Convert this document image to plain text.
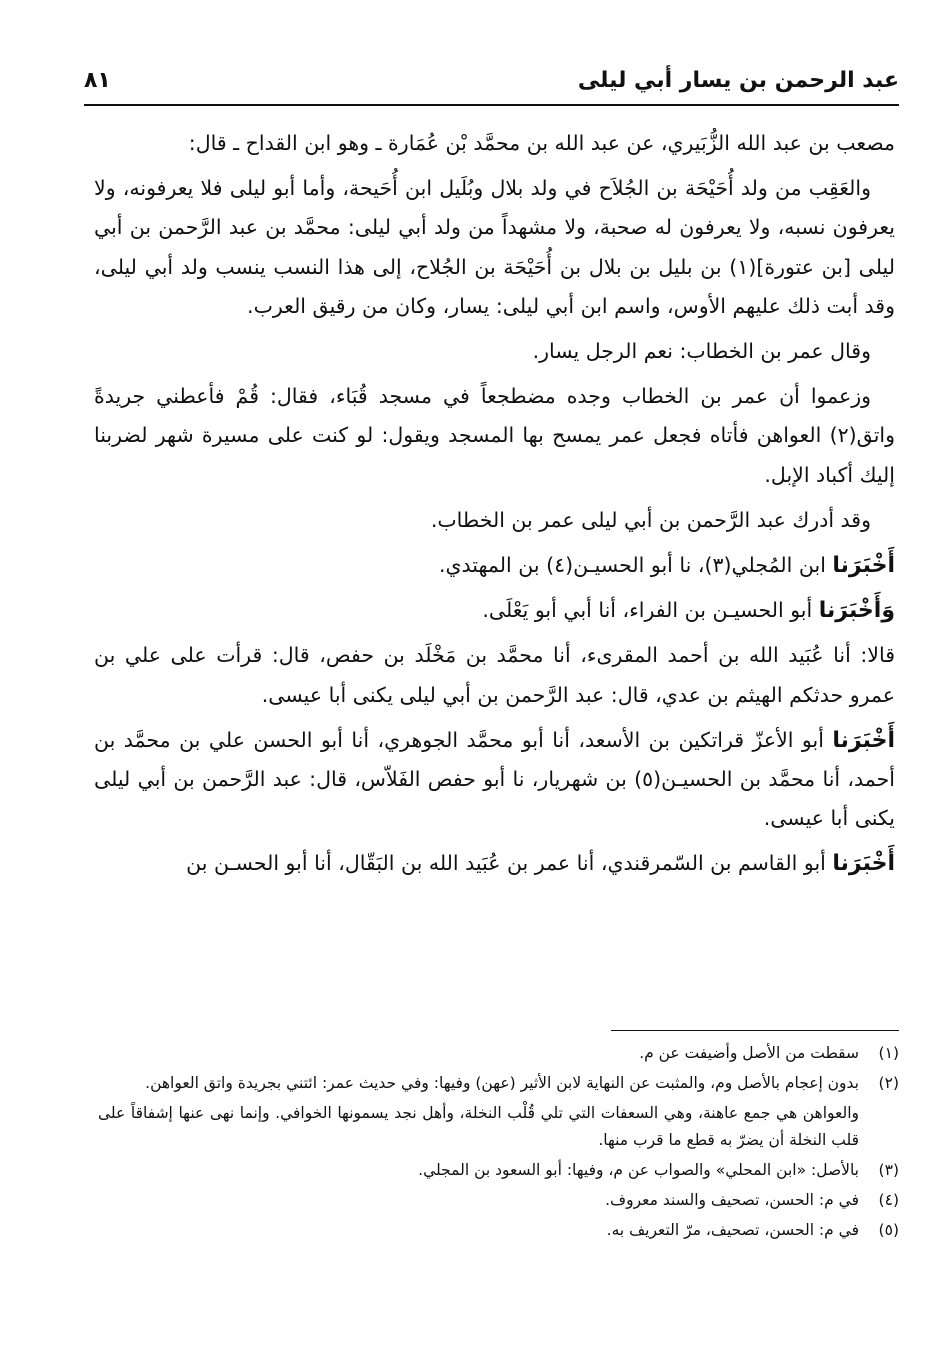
عبد الرحمن بن يسار أبي ليلى
٨١

مصعب بن عبد الله الزُّبَيري، عن عبد الله بن محمَّد بْن عُمَارة ـ وهو ابن القداح ـ قال:

والعَقِب من ولد أُحَيْحَة بن الجُلاَح في ولد بلال وبُلَيل ابن أُحَيحة، وأما أبو ليلى فلا يعرفونه، ولا يعرفون نسبه، ولا يعرفون له صحبة، ولا مشهداً من ولد أبي ليلى: محمَّد بن عبد الرَّحمن بن أبي ليلى [بن عتورة](١) بن بليل بن بلال بن أُحَيْحَة بن الجُلاح، إلى هذا النسب ينسب ولد أبي ليلى، وقد أبت ذلك عليهم الأوس، واسم ابن أبي ليلى: يسار، وكان من رقيق العرب.

وقال عمر بن الخطاب: نعم الرجل يسار.

وزعموا أن عمر بن الخطاب وجده مضطجعاً في مسجد قُبَاء، فقال: قُمْ فأعطني جريدةً واتق(٢) العواهن فأتاه فجعل عمر يمسح بها المسجد ويقول: لو كنت على مسيرة شهر لضربنا إليك أكباد الإبل.

وقد أدرك عبد الرَّحمن بن أبي ليلى عمر بن الخطاب.

أَخْبَرَنا ابن المُجلي(٣)، نا أبو الحسيـن(٤) بن المهتدي.

وَأَخْبَرَنا أبو الحسيـن بن الفراء، أنا أبي أبو يَعْلَى.

قالا: أنا عُبَيد الله بن أحمد المقرىء، أنا محمَّد بن مَخْلَد بن حفص، قال: قرأت على علي بن عمرو حدثكم الهيثم بن عدي، قال: عبد الرَّحمن بن أبي ليلى يكنى أبا عيسى.

أَخْبَرَنا أبو الأعزّ قراتكين بن الأسعد، أنا أبو محمَّد الجوهري، أنا أبو الحسن علي بن محمَّد بن أحمد، أنا محمَّد بن الحسيـن(٥) بن شهريار، نا أبو حفص الفَلاّس، قال: عبد الرَّحمن بن أبي ليلى يكنى أبا عيسى.

أَخْبَرَنا أبو القاسم بن السّمرقندي، أنا عمر بن عُبَيد الله بن البَقّال، أنا أبو الحسـن بن

(١)
سقطت من الأصل وأضيفت عن م.
(٢)
بدون إعجام بالأصل وم، والمثبت عن النهاية لابن الأثير (عهن) وفيها: وفي حديث عمر: ائتني بجريدة واتق العواهن.
والعواهن هي جمع عاهنة، وهي السعفات التي تلي قُلْب النخلة، وأهل نجد يسمونها الخوافي. وإنما نهى عنها إشفاقاً على قلب النخلة أن يضرّ به قطع ما قرب منها.
(٣)
بالأصل: «ابن المحلي» والصواب عن م، وفيها: أبو السعود بن المجلي.
(٤)
في م: الحسن، تصحيف والسند معروف.
(٥)
في م: الحسن، تصحيف، مرّ التعريف به.
